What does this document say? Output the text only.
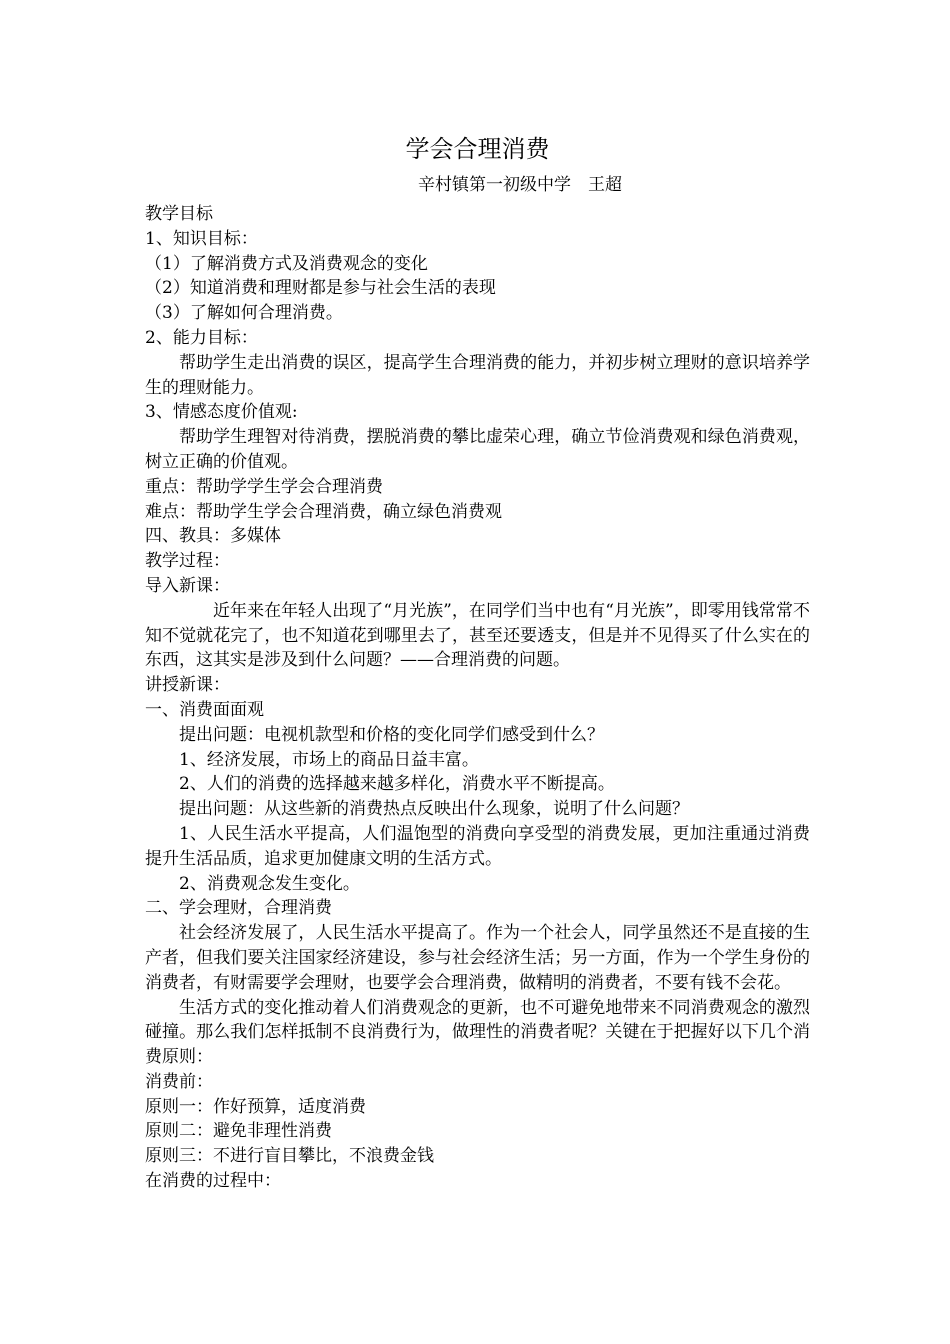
学会合理消费

辛村镇第一初级中学　王超

教学目标

1、知识目标：

（1）了解消费方式及消费观念的变化

（2）知道消费和理财都是参与社会生活的表现

（3）了解如何合理消费。

2、能力目标：

帮助学生走出消费的误区，提高学生合理消费的能力，并初步树立理财的意识培养学生的理财能力。

3、情感态度价值观:

帮助学生理智对待消费，摆脱消费的攀比虚荣心理，确立节俭消费观和绿色消费观，树立正确的价值观。

重点：帮助学学生学会合理消费

难点：帮助学生学会合理消费，确立绿色消费观

四、教具：多媒体

教学过程：

导入新课：

近年来在年轻人出现了“月光族”，在同学们当中也有“月光族”，即零用钱常常不知不觉就花完了，也不知道花到哪里去了，甚至还要透支，但是并不见得买了什么实在的东西，这其实是涉及到什么问题？——合理消费的问题。

讲授新课：

一、消费面面观

提出问题：电视机款型和价格的变化同学们感受到什么？

1、经济发展，市场上的商品日益丰富。

2、人们的消费的选择越来越多样化，消费水平不断提高。

提出问题：从这些新的消费热点反映出什么现象，说明了什么问题？

1、人民生活水平提高，人们温饱型的消费向享受型的消费发展，更加注重通过消费提升生活品质，追求更加健康文明的生活方式。

2、消费观念发生变化。

二、学会理财，合理消费

社会经济发展了，人民生活水平提高了。作为一个社会人，同学虽然还不是直接的生产者，但我们要关注国家经济建设，参与社会经济生活；另一方面，作为一个学生身份的消费者，有财需要学会理财，也要学会合理消费，做精明的消费者，不要有钱不会花。

生活方式的变化推动着人们消费观念的更新，也不可避免地带来不同消费观念的激烈碰撞。那么我们怎样抵制不良消费行为，做理性的消费者呢？关键在于把握好以下几个消费原则：

消费前：

原则一：作好预算，适度消费

原则二：避免非理性消费

原则三：不进行盲目攀比，不浪费金钱

在消费的过程中：
